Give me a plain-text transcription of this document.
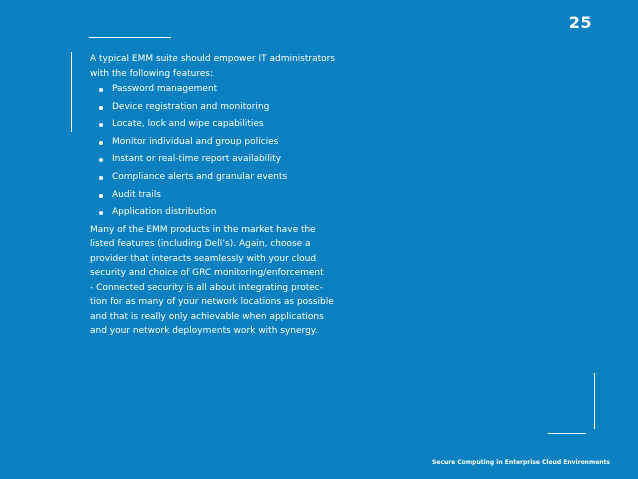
25

A typical EMM suite should empower IT administrators
with the following features:

Password management
Device registration and monitoring
Locate, lock and wipe capabilities
Monitor individual and group policies
Instant or real-time report availability
Compliance alerts and granular events
Audit trails
Application distribution

Many of the EMM products in the market have the
listed features (including Dell’s). Again, choose a
provider that interacts seamlessly with your cloud
security and choice of GRC monitoring/enforcement
- Connected security is all about integrating protec-
tion for as many of your network locations as possible
and that is really only achievable when applications
and your network deployments work with synergy.

Secure Computing in Enterprise Cloud Environments
